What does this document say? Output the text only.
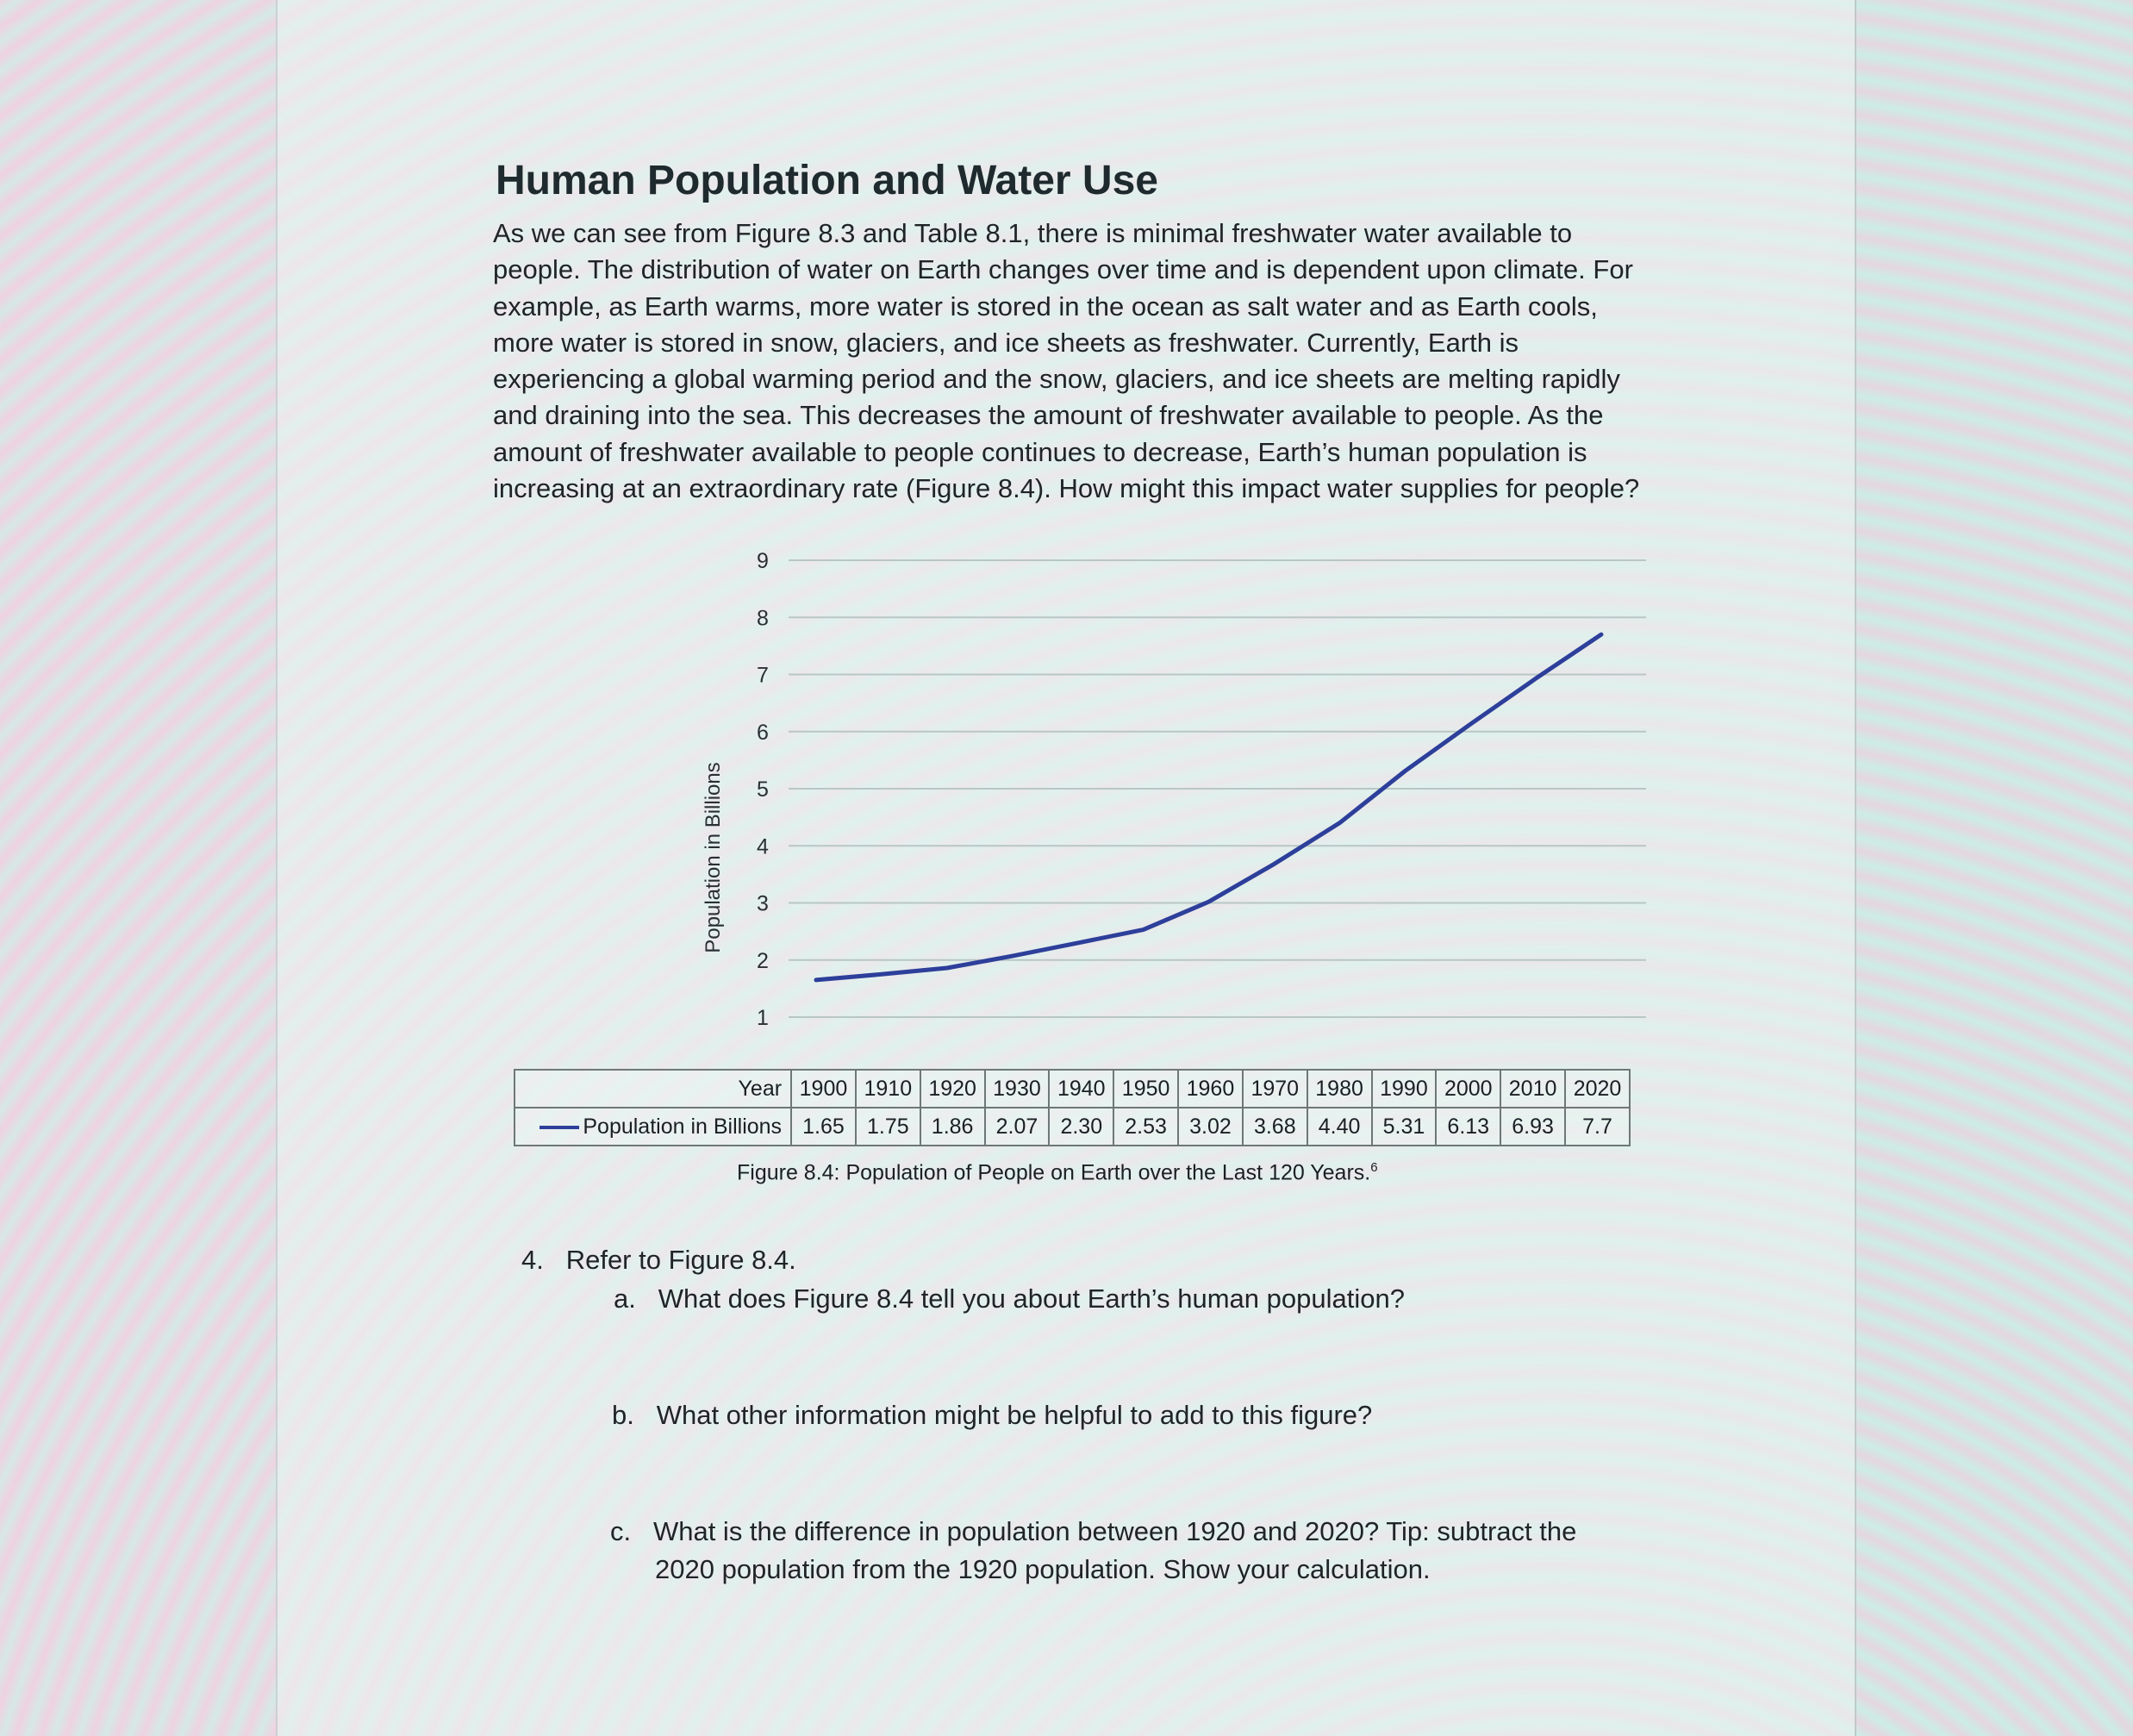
Human Population and Water Use

As we can see from Figure 8.3 and Table 8.1, there is minimal freshwater water available to people. The distribution of water on Earth changes over time and is dependent upon climate. For example, as Earth warms, more water is stored in the ocean as salt water and as Earth cools, more water is stored in snow, glaciers, and ice sheets as freshwater. Currently, Earth is experiencing a global warming period and the snow, glaciers, and ice sheets are melting rapidly and draining into the sea. This decreases the amount of freshwater available to people. As the amount of freshwater available to people continues to decrease, Earth’s human population is increasing at an extraordinary rate (Figure 8.4). How might this impact water supplies for people?

Population in Billions
9
8
7
6
5
4
3
2
1
Year	1900	1910	1920	1930	1940	1950	1960	1970	1980	1990	2000	2010	2020
Population in Billions	1.65	1.75	1.86	2.07	2.30	2.53	3.02	3.68	4.40	5.31	6.13	6.93	7.7

Figure 8.4: Population of People on Earth over the Last 120 Years.$^6$

4. Refer to Figure 8.4.

a. What does Figure 8.4 tell you about Earth’s human population?

b. What other information might be helpful to add to this figure?

c. What is the difference in population between 1920 and 2020? Tip: subtract the
2020 population from the 1920 population. Show your calculation.
